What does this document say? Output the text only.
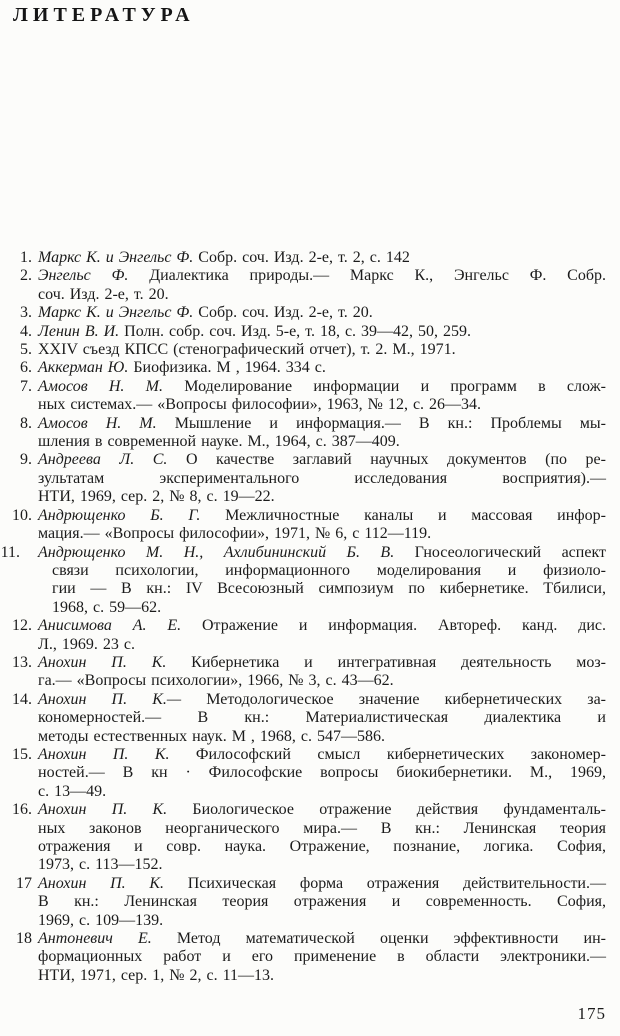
ЛИТЕРАТУРА
1. Маркс К. и Энгельс Ф. Собр. соч. Изд. 2-е, т. 2, с. 142
2. Энгельс Ф. Диалектика природы.— Маркс К., Энгельс Ф. Собр.
соч. Изд. 2-е, т. 20.
3. Маркс К. и Энгельс Ф. Собр. соч. Изд. 2-е, т. 20.
4. Ленин В. И. Полн. собр. соч. Изд. 5-е, т. 18, с. 39—42, 50, 259.
5. XXIV съезд КПСС (стенографический отчет), т. 2. М., 1971.
6. Аккерман Ю. Биофизика. М , 1964. 334 с.
7. Амосов Н. М. Моделирование информации и программ в слож-
ных системах.— «Вопросы философии», 1963, № 12, с. 26—34.
8. Амосов Н. М. Мышление и информация.— В кн.: Проблемы мы-
шления в современной науке. М., 1964, с. 387—409.
9. Андреева Л. С. О качестве заглавий научных документов (по ре-
зультатам экспериментального исследования восприятия).—
НТИ, 1969, сер. 2, № 8, с. 19—22.
10. Андрющенко Б. Г. Межличностные каналы и массовая инфор-
мация.— «Вопросы философии», 1971, № 6, с 112—119.
11. Андрющенко М. Н., Ахлибининский Б. В. Гносеологический аспект
связи психологии, информационного моделирования и физиоло-
гии — В кн.: IV Всесоюзный симпозиум по кибернетике. Тбилиси,
1968, с. 59—62.
12. Анисимова А. Е. Отражение и информация. Автореф. канд. дис.
Л., 1969. 23 с.
13. Анохин П. К. Кибернетика и интегративная деятельность моз-
га.— «Вопросы психологии», 1966, № 3, с. 43—62.
14. Анохин П. К.— Методологическое значение кибернетических за-
кономерностей.— В кн.: Материалистическая диалектика и
методы естественных наук. М , 1968, с. 547—586.
15. Анохин П. К. Философский смысл кибернетических закономер-
ностей.— В кн · Философские вопросы биокибернетики. М., 1969,
с. 13—49.
16. Анохин П. К. Биологическое отражение действия фундаменталь-
ных законов неорганического мира.— В кн.: Ленинская теория
отражения и совр. наука. Отражение, познание, логика. София,
1973, с. 113—152.
17 Анохин П. К. Психическая форма отражения действительности.—
В кн.: Ленинская теория отражения и современность. София,
1969, с. 109—139.
18 Антоневич Е. Метод математической оценки эффективности ин-
формационных работ и его применение в области электроники.—
НТИ, 1971, сер. 1, № 2, с. 11—13.
175
